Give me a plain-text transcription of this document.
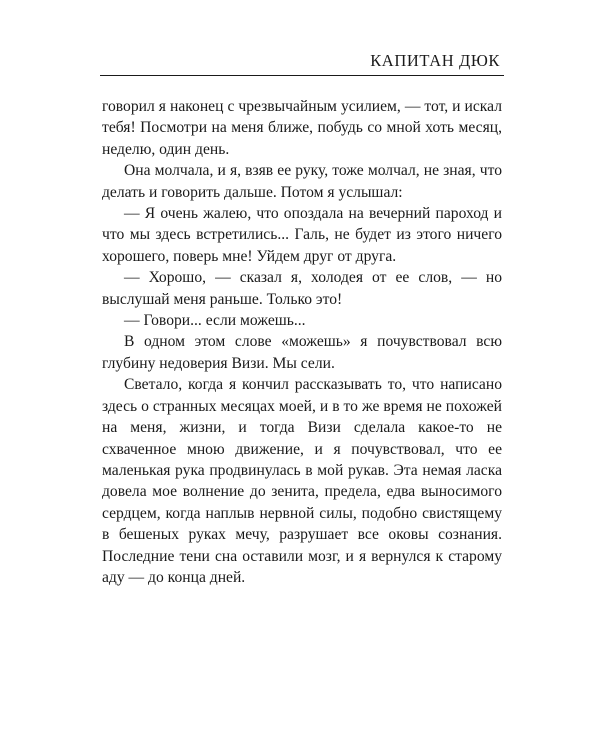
КАПИТАН ДЮК

говорил я наконец с чрезвычайным усилием, — тот, и искал тебя! Посмотри на меня ближе, побудь со мной хоть месяц, неделю, один день.

Она молчала, и я, взяв ее руку, тоже молчал, не зная, что делать и говорить дальше. Потом я услышал:

— Я очень жалею, что опоздала на вечерний пароход и что мы здесь встретились... Галь, не будет из этого ничего хорошего, поверь мне! Уйдем друг от друга.

— Хорошо, — сказал я, холодея от ее слов, — но выслушай меня раньше. Только это!

— Говори... если можешь...

В одном этом слове «можешь» я почувствовал всю глубину недоверия Визи. Мы сели.

Светало, когда я кончил рассказывать то, что написано здесь о странных месяцах моей, и в то же время не похожей на меня, жизни, и тогда Визи сделала какое-то не схваченное мною движение, и я почувствовал, что ее маленькая рука продвинулась в мой рукав. Эта немая ласка довела мое волнение до зенита, предела, едва выносимого сердцем, когда наплыв нервной силы, подобно свистящему в бешеных руках мечу, разрушает все оковы сознания. Последние тени сна оставили мозг, и я вернулся к старому аду — до конца дней.
